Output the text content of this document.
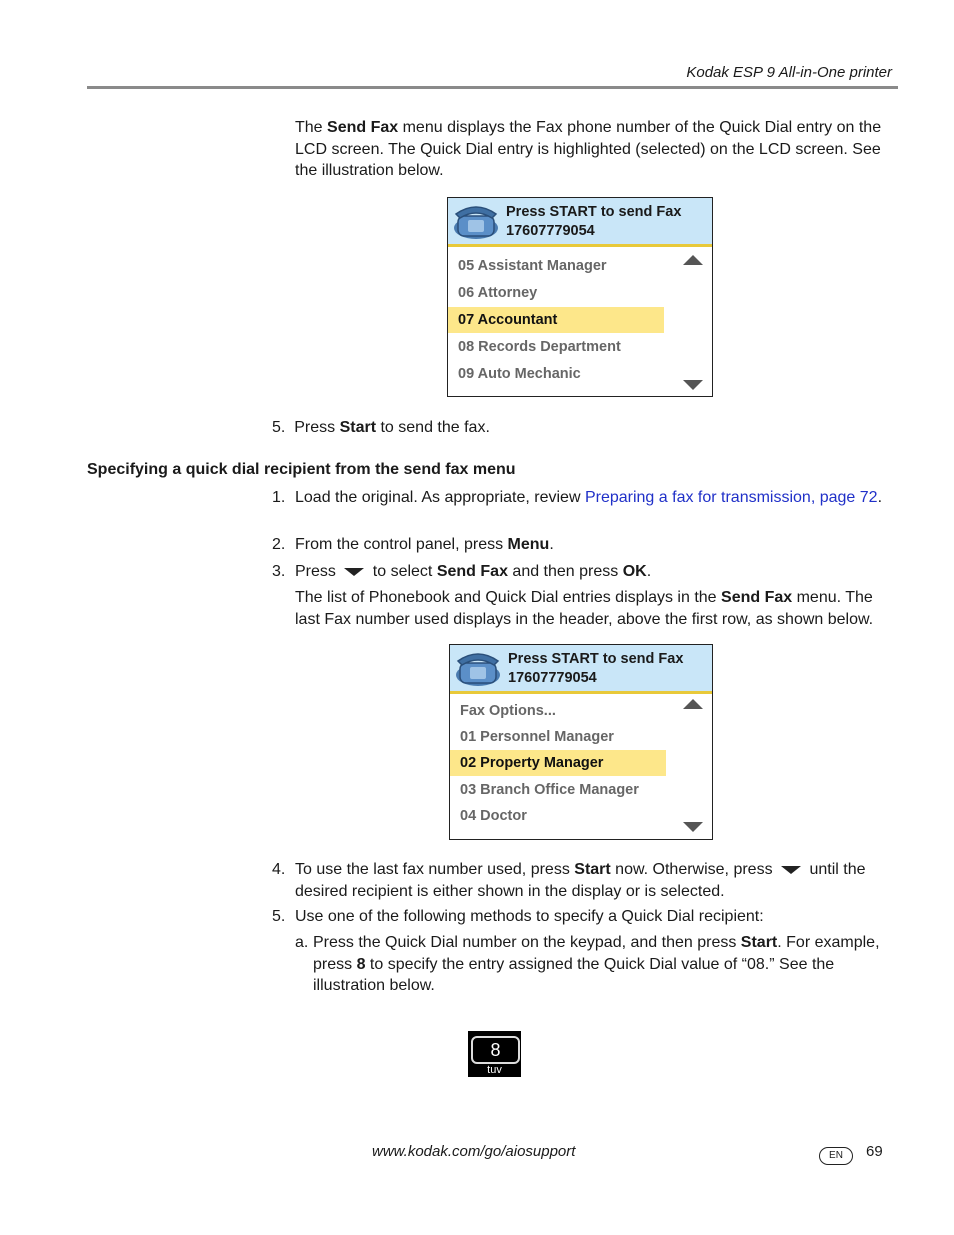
Kodak ESP 9 All-in-One printer
The Send Fax menu displays the Fax phone number of the Quick Dial entry on the LCD screen. The Quick Dial entry is highlighted (selected) on the LCD screen. See the illustration below.
Press START to send Fax
17607779054
05 Assistant Manager
06 Attorney
07 Accountant
08 Records Department
09 Auto Mechanic
5. Press Start to send the fax.
Specifying a quick dial recipient from the send fax menu
1. Load the original. As appropriate, review Preparing a fax for transmission, page 72.
2. From the control panel, press Menu.
3. Press  to select Send Fax and then press OK.
The list of Phonebook and Quick Dial entries displays in the Send Fax menu. The last Fax number used displays in the header, above the first row, as shown below.
Press START to send Fax
17607779054
Fax Options...
01 Personnel Manager
02 Property Manager
03 Branch Office Manager
04 Doctor
4. To use the last fax number used, press Start now. Otherwise, press  until the desired recipient is either shown in the display or is selected.
5. Use one of the following methods to specify a Quick Dial recipient:
a. Press the Quick Dial number on the keypad, and then press Start. For example, press 8 to specify the entry assigned the Quick Dial value of “08.” See the illustration below.
8
tuv
www.kodak.com/go/aiosupport	EN	69
